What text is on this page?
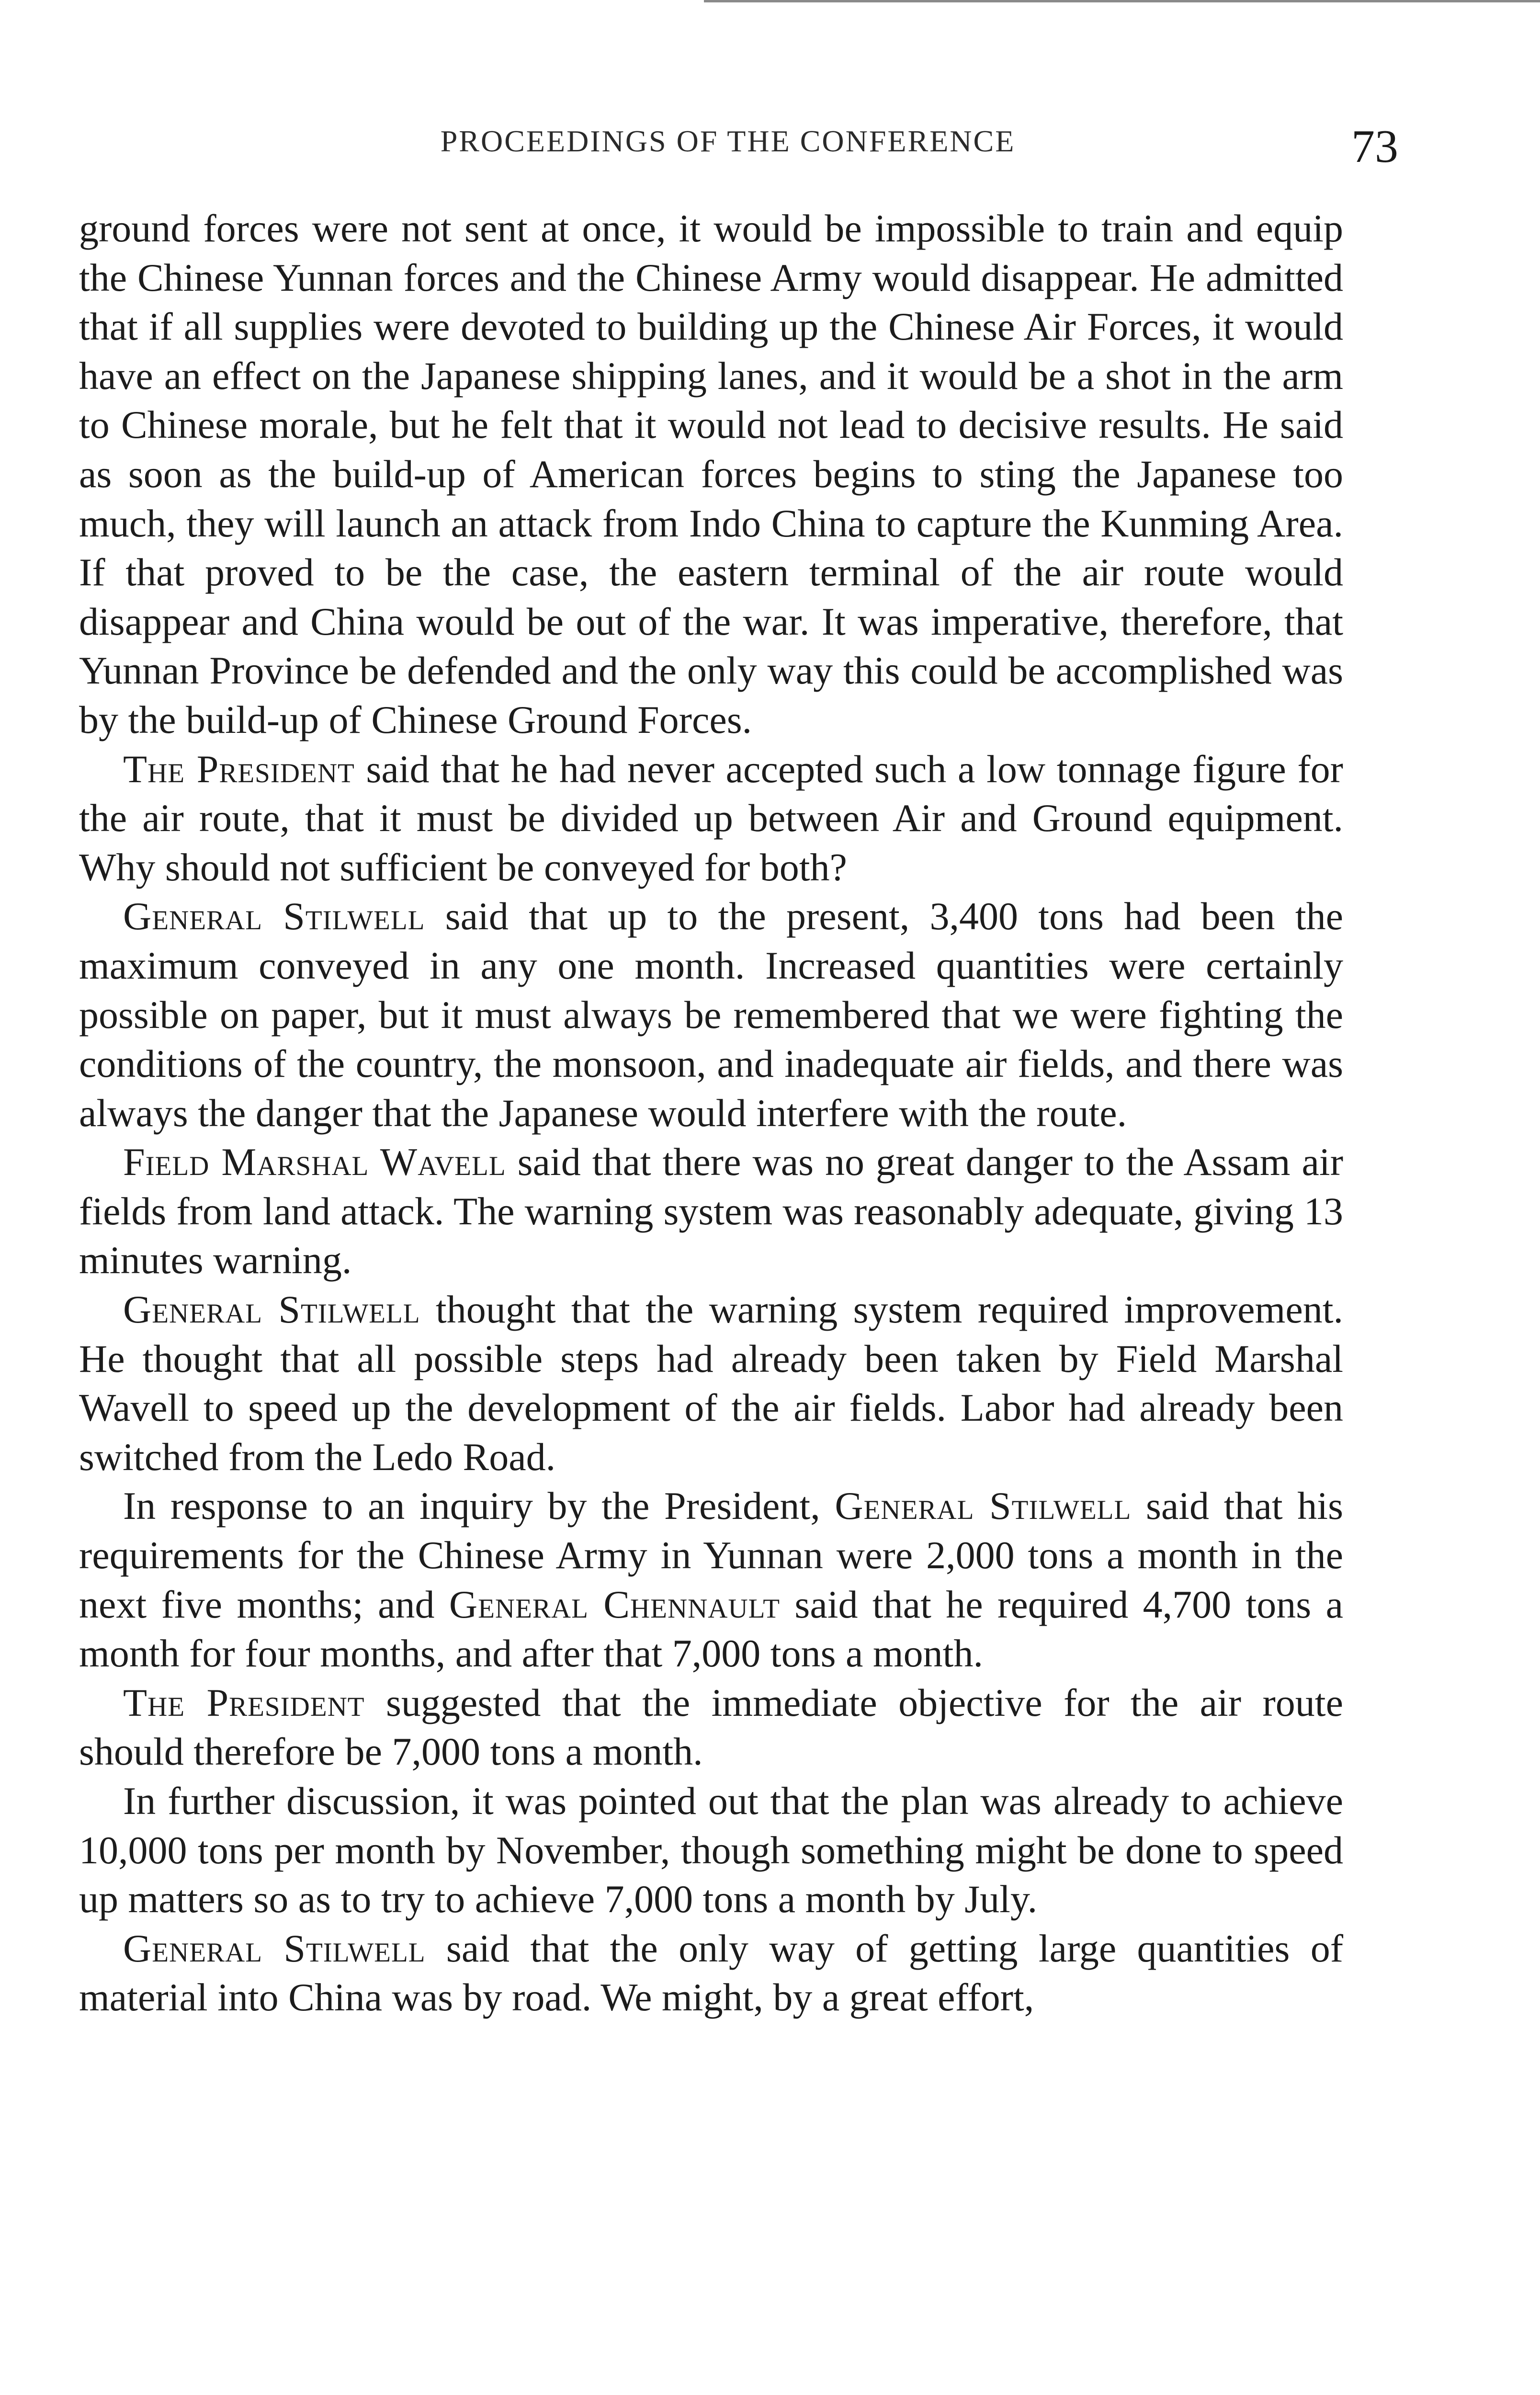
PROCEEDINGS OF THE CONFERENCE	73

ground forces were not sent at once, it would be impossible to train and equip the Chinese Yunnan forces and the Chinese Army would disappear. He admitted that if all supplies were devoted to building up the Chinese Air Forces, it would have an effect on the Japanese shipping lanes, and it would be a shot in the arm to Chinese morale, but he felt that it would not lead to decisive results. He said as soon as the build-up of American forces begins to sting the Japanese too much, they will launch an attack from Indo China to capture the Kunming Area. If that proved to be the case, the eastern terminal of the air route would disappear and China would be out of the war. It was imperative, therefore, that Yunnan Province be defended and the only way this could be accomplished was by the build-up of Chinese Ground Forces.

The President said that he had never accepted such a low tonnage figure for the air route, that it must be divided up between Air and Ground equipment. Why should not sufficient be conveyed for both?

General Stilwell said that up to the present, 3,400 tons had been the maximum conveyed in any one month. Increased quantities were certainly possible on paper, but it must always be remembered that we were fighting the conditions of the country, the monsoon, and inadequate air fields, and there was always the danger that the Japanese would interfere with the route.

Field Marshal Wavell said that there was no great danger to the Assam air fields from land attack. The warning system was reasonably adequate, giving 13 minutes warning.

General Stilwell thought that the warning system required improvement. He thought that all possible steps had already been taken by Field Marshal Wavell to speed up the development of the air fields. Labor had already been switched from the Ledo Road.

In response to an inquiry by the President, General Stilwell said that his requirements for the Chinese Army in Yunnan were 2,000 tons a month in the next five months; and General Chennault said that he required 4,700 tons a month for four months, and after that 7,000 tons a month.

The President suggested that the immediate objective for the air route should therefore be 7,000 tons a month.

In further discussion, it was pointed out that the plan was already to achieve 10,000 tons per month by November, though something might be done to speed up matters so as to try to achieve 7,000 tons a month by July.

General Stilwell said that the only way of getting large quantities of material into China was by road. We might, by a great effort,
